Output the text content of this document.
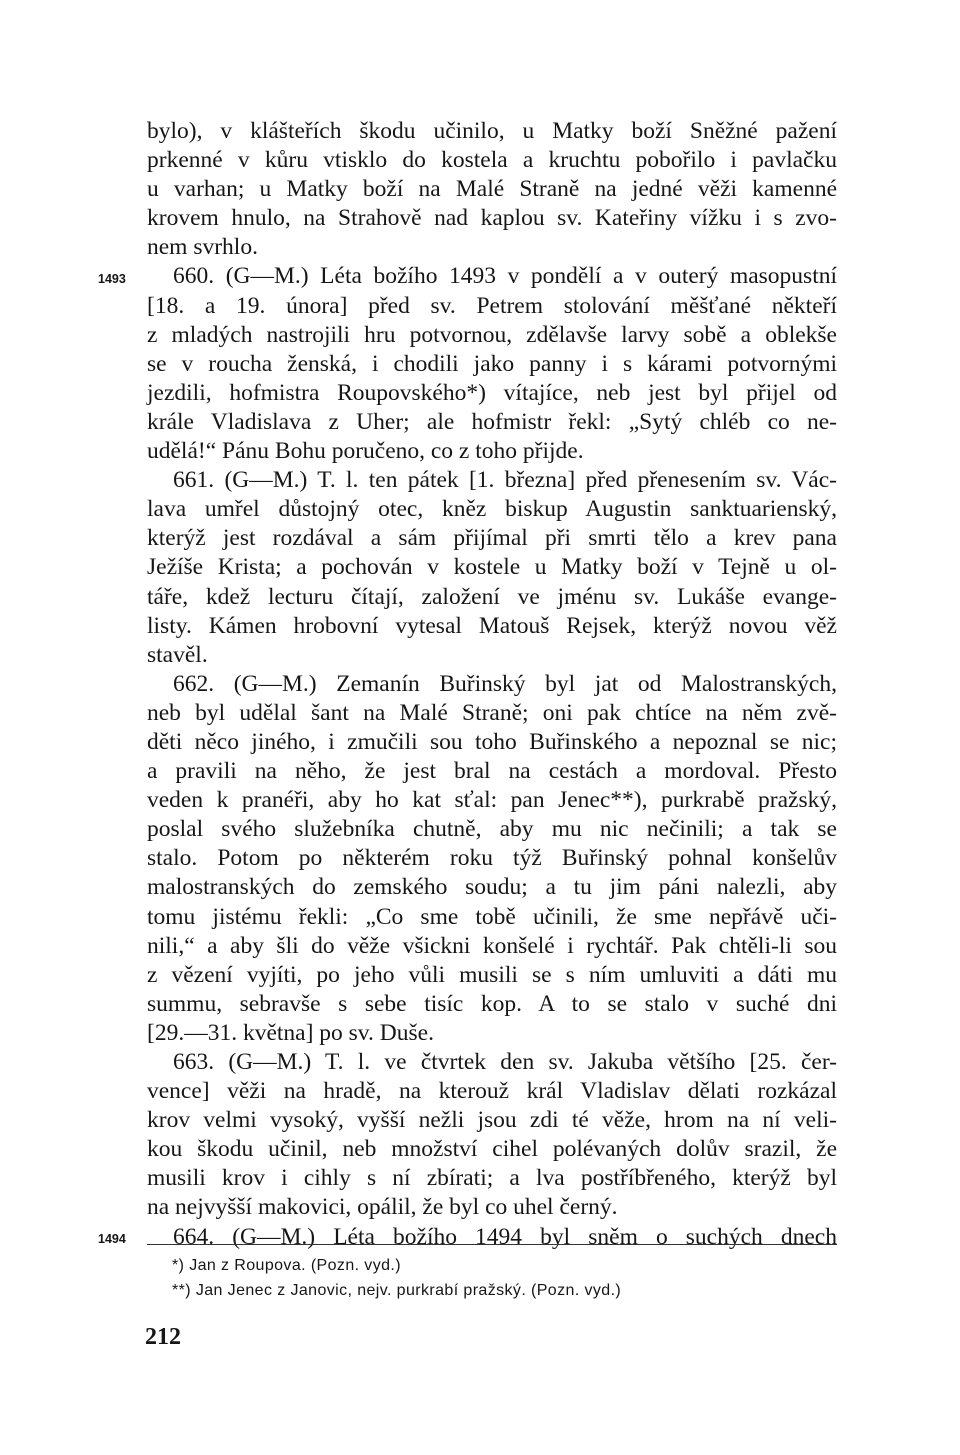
bylo), v klášteřích škodu učinilo, u Matky boží Sněžné pažení
prkenné v kůru vtisklo do kostela a kruchtu pobořilo i pavlačku
u varhan; u Matky boží na Malé Straně na jedné věži kamenné
krovem hnulo, na Strahově nad kaplou sv. Kateřiny vížku i s zvo-
nem svrhlo.
660. (G—M.) Léta božího 1493 v pondělí a v outerý masopustní
[18. a 19. února] před sv. Petrem stolování měšťané někteří
z mladých nastrojili hru potvornou, zdělavše larvy sobě a oblekše
se v roucha ženská, i chodili jako panny i s kárami potvornými
jezdili, hofmistra Roupovského*) vítajíce, neb jest byl přijel od
krále Vladislava z Uher; ale hofmistr řekl: „Sytý chléb co ne-
udělá!“ Pánu Bohu poručeno, co z toho přijde.
661. (G—M.) T. l. ten pátek [1. března] před přenesením sv. Vác-
lava umřel důstojný otec, kněz biskup Augustin sanktuarienský,
kterýž jest rozdával a sám přijímal při smrti tělo a krev pana
Ježíše Krista; a pochován v kostele u Matky boží v Tejně u ol-
tářе, kdež lecturu čítají, založení ve jménu sv. Lukáše evange-
listy. Kámen hrobovní vytesal Matouš Rejsek, kterýž novou věž
stavěl.
662. (G—M.) Zemanín Buřinský byl jat od Malostranských,
neb byl udělal šant na Malé Straně; oni pak chtíce na něm zvě-
děti něco jiného, i zmučili sou toho Buřinského a nepoznal se nic;
a pravili na něho, že jest bral na cestách a mordoval. Přesto
veden k pranéři, aby ho kat sťal: pan Jenec**), purkrabě pražský,
poslal svého služebníka chutně, aby mu nic nečinili; a tak se
stalo. Potom po některém roku týž Buřinský pohnal konšelův
malostranských do zemského soudu; a tu jim páni nalezli, aby
tomu jistému řekli: „Co sme tobě učinili, že sme nepřávě uči-
nili,“ a aby šli do věže všickni konšelé i rychtář. Pak chtěli-li sou
z vězení vyjíti, po jeho vůli musili se s ním umluviti a dáti mu
summu, sebravše s sebe tisíc kop. A to se stalo v suché dni
[29.—31. května] po sv. Duše.
663. (G—M.) T. l. ve čtvrtek den sv. Jakuba většího [25. čer-
vence] věži na hradě, na kterouž král Vladislav dělati rozkázal
krov velmi vysoký, vyšší nežli jsou zdi té věže, hrom na ní veli-
kou škodu učinil, neb množství cihel polévaných dolův srazil, že
musili krov i cihly s ní zbírati; a lva postříbřeného, kterýž byl
na nejvyšší makovici, opálil, že byl co uhel černý.
664. (G—M.) Léta božího 1494 byl sněm o suchých dnech
1493
1494
*) Jan z Roupova. (Pozn. vyd.)
**) Jan Jenec z Janovic, nejv. purkrabí pražský. (Pozn. vyd.)
212
